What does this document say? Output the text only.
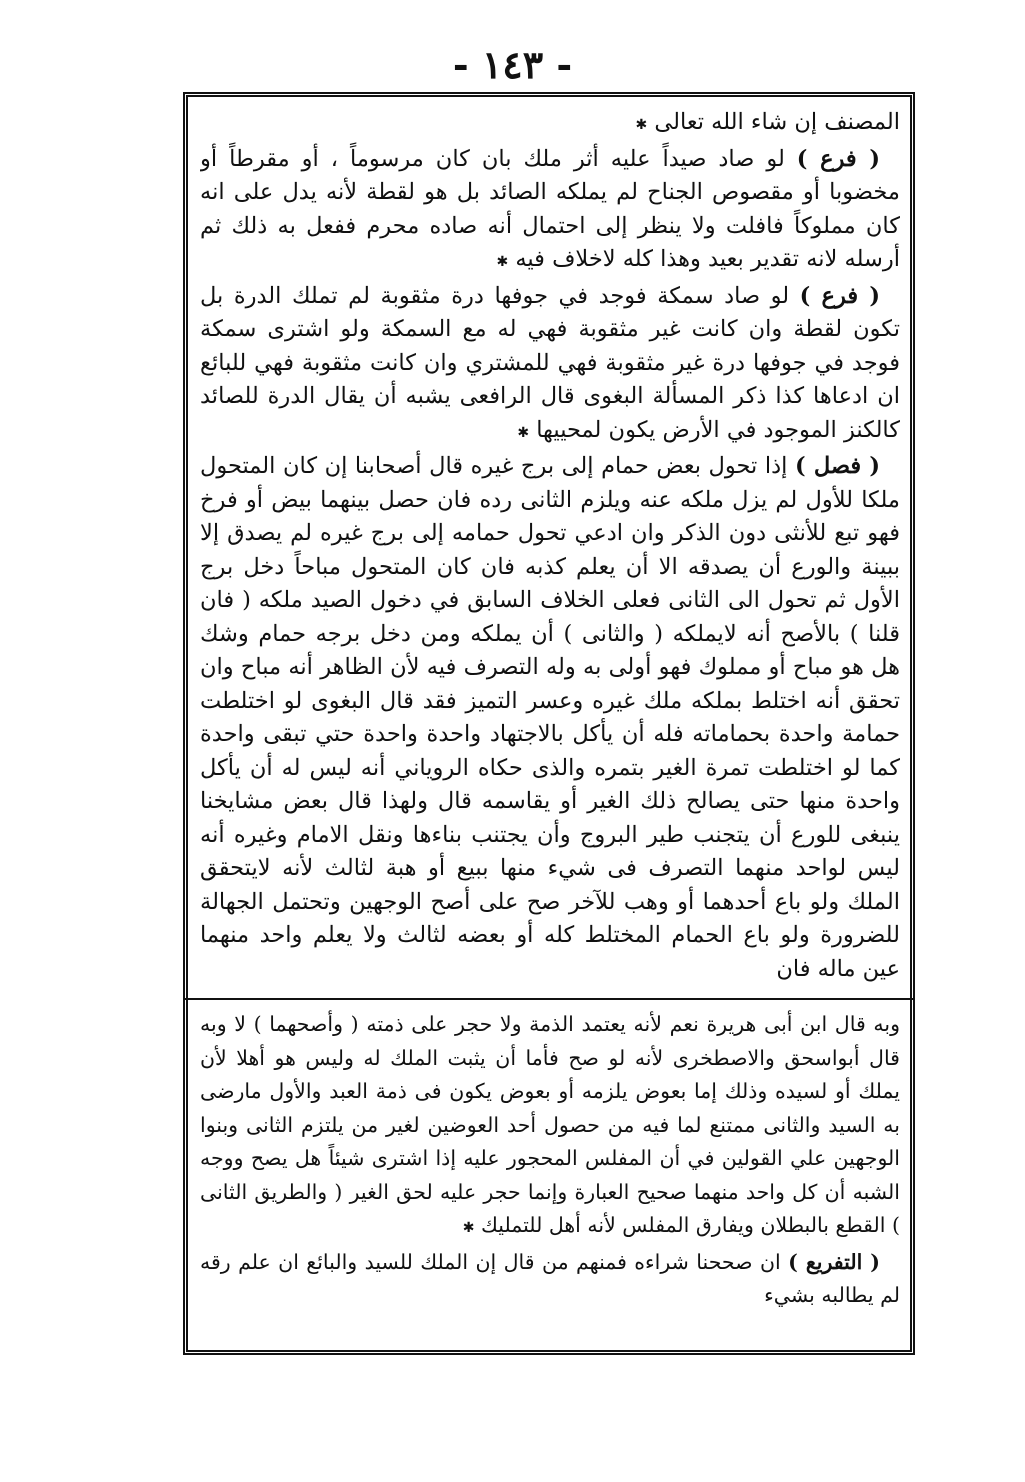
- ١٤٣ -

المصنف إن شاء الله تعالى ✱

( فرع ) لو صاد صيداً عليه أثر ملك بان كان مرسوماً ، أو مقرطاً أو مخضوبا أو مقصوص الجناح لم يملكه الصائد بل هو لقطة لأنه يدل على انه كان مملوكاً فافلت ولا ينظر إلى احتمال أنه صاده محرم ففعل به ذلك ثم أرسله لانه تقدير بعيد وهذا كله لاخلاف فيه ✱

( فرع ) لو صاد سمكة فوجد في جوفها درة مثقوبة لم تملك الدرة بل تكون لقطة وان كانت غير مثقوبة فهي له مع السمكة ولو اشترى سمكة فوجد في جوفها درة غير مثقوبة فهي للمشتري وان كانت مثقوبة فهي للبائع ان ادعاها كذا ذكر المسألة البغوى قال الرافعى يشبه أن يقال الدرة للصائد كالكنز الموجود في الأرض يكون لمحييها ✱

( فصل ) إذا تحول بعض حمام إلى برج غيره قال أصحابنا إن كان المتحول ملكا للأول لم يزل ملكه عنه ويلزم الثانى رده فان حصل بينهما بيض أو فرخ فهو تبع للأنثى دون الذكر وان ادعي تحول حمامه إلى برج غيره لم يصدق إلا ببينة والورع أن يصدقه الا أن يعلم كذبه فان كان المتحول مباحاً دخل برج الأول ثم تحول الى الثانى فعلى الخلاف السابق في دخول الصيد ملكه ( فان قلنا ) بالأصح أنه لايملكه ( والثانى ) أن يملكه ومن دخل برجه حمام وشك هل هو مباح أو مملوك فهو أولى به وله التصرف فيه لأن الظاهر أنه مباح وان تحقق أنه اختلط بملكه ملك غيره وعسر التميز فقد قال البغوى لو اختلطت حمامة واحدة بحماماته فله أن يأكل بالاجتهاد واحدة واحدة حتي تبقى واحدة كما لو اختلطت تمرة الغير بتمره والذى حكاه الروياني أنه ليس له أن يأكل واحدة منها حتى يصالح ذلك الغير أو يقاسمه قال ولهذا قال بعض مشايخنا ينبغى للورع أن يتجنب طير البروج وأن يجتنب بناءها ونقل الامام وغيره أنه ليس لواحد منهما التصرف فى شيء منها ببيع أو هبة لثالث لأنه لايتحقق الملك ولو باع أحدهما أو وهب للآخر صح على أصح الوجهين وتحتمل الجهالة للضرورة ولو باع الحمام المختلط كله أو بعضه لثالث ولا يعلم واحد منهما عين ماله فان

وبه قال ابن أبى هريرة نعم لأنه يعتمد الذمة ولا حجر على ذمته ( وأصحهما ) لا وبه قال أبواسحق والاصطخرى لأنه لو صح فأما أن يثبت الملك له وليس هو أهلا لأن يملك أو لسيده وذلك إما بعوض يلزمه أو بعوض يكون فى ذمة العبد والأول مارضى به السيد والثانى ممتنع لما فيه من حصول أحد العوضين لغير من يلتزم الثانى وبنوا الوجهين علي القولين في أن المفلس المحجور عليه إذا اشترى شيئاً هل يصح ووجه الشبه أن كل واحد منهما صحيح العبارة وإنما حجر عليه لحق الغير ( والطريق الثانى ) القطع بالبطلان ويفارق المفلس لأنه أهل للتمليك ✱

( التفريع ) ان صححنا شراءه فمنهم من قال إن الملك للسيد والبائع ان علم رقه لم يطالبه بشيء
